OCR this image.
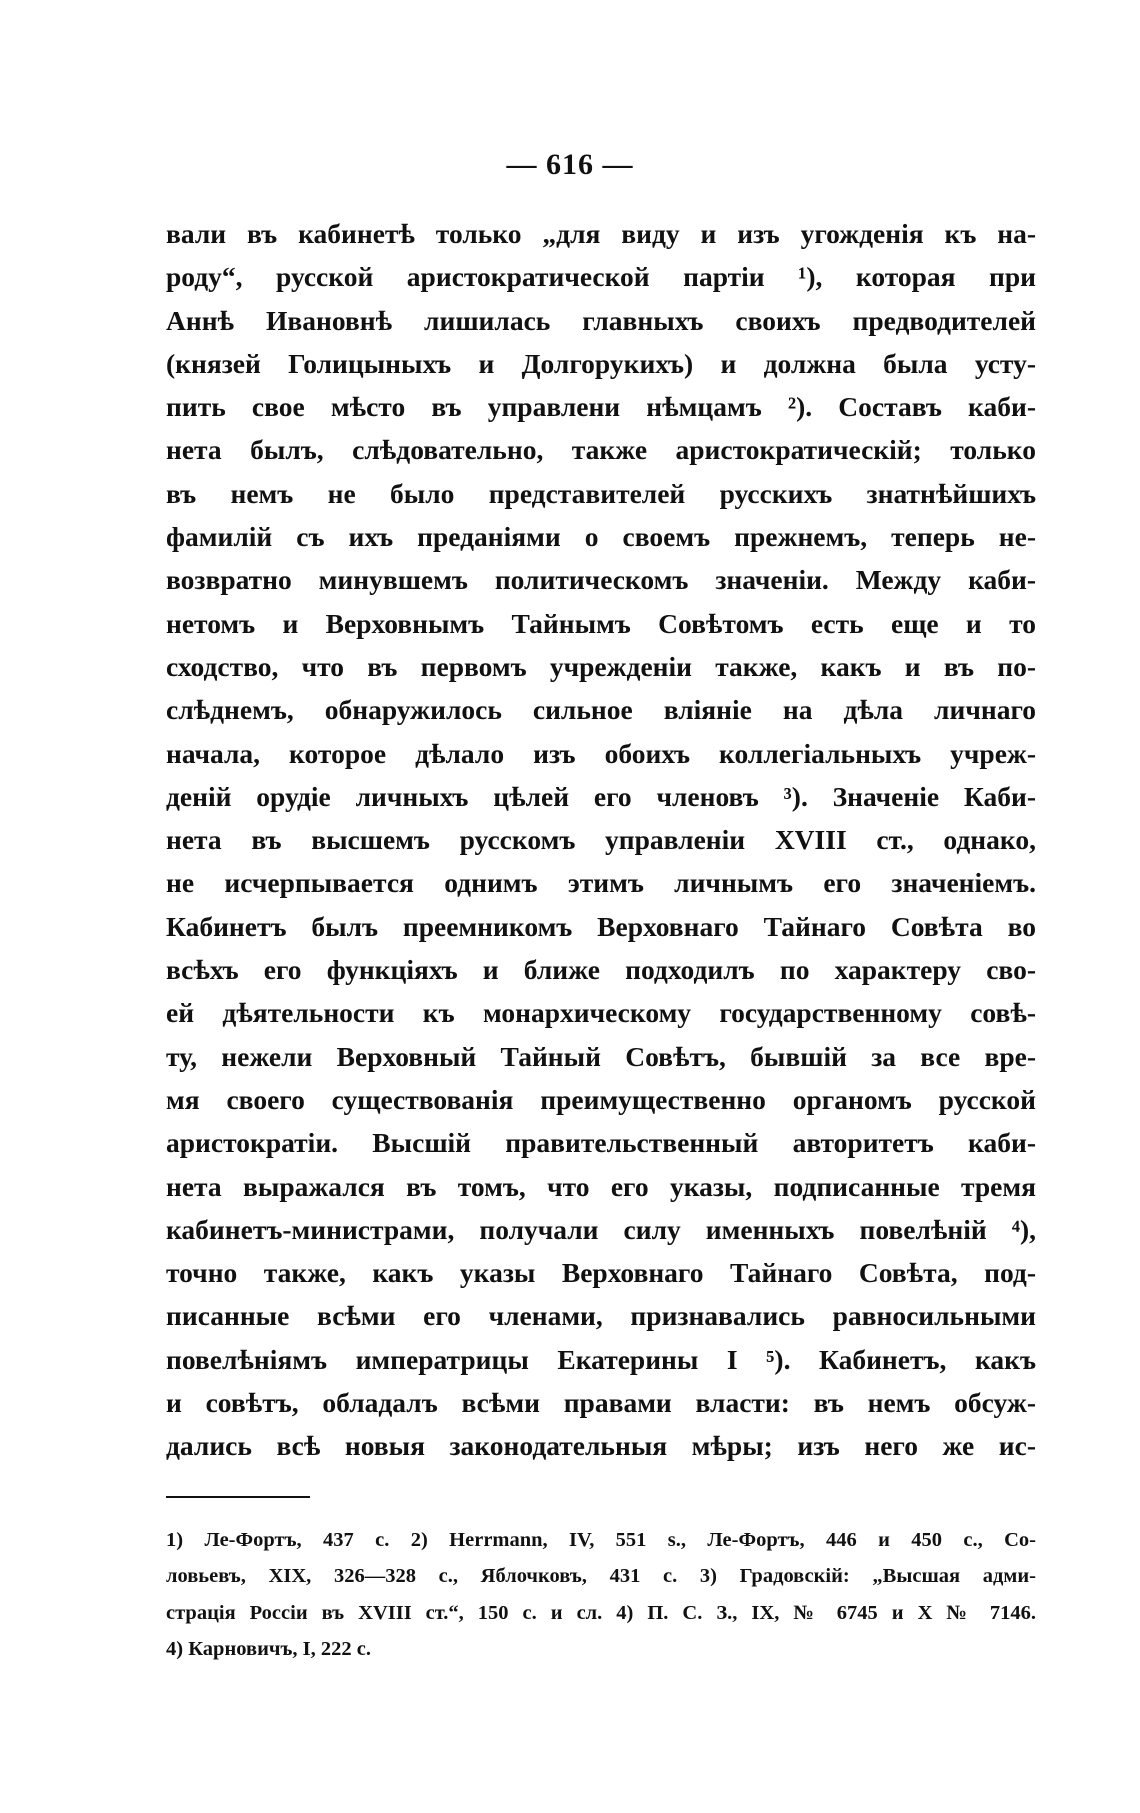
— 616 —
вали въ кабинетѣ только „для виду и изъ угожденія къ на-
роду“, русской аристократической партіи ¹), которая при
Аннѣ Ивановнѣ лишилась главныхъ своихъ предводителей
(князей Голицыныхъ и Долгорукихъ) и должна была усту-
пить свое мѣсто въ управлени нѣмцамъ ²). Составъ каби-
нета былъ, слѣдовательно, также аристократическій; только
въ немъ не было представителей русскихъ знатнѣйшихъ
фамилій съ ихъ преданіями о своемъ прежнемъ, теперь не-
возвратно минувшемъ политическомъ значеніи. Между каби-
нетомъ и Верховнымъ Тайнымъ Совѣтомъ есть еще и то
сходство, что въ первомъ учрежденіи также, какъ и въ по-
слѣднемъ, обнаружилось сильное вліяніе на дѣла личнаго
начала, которое дѣлало изъ обоихъ коллегіальныхъ учреж-
деній орудіе личныхъ цѣлей его членовъ ³). Значеніе Каби-
нета въ высшемъ русскомъ управленіи XVIII ст., однако,
не исчерпывается однимъ этимъ личнымъ его значеніемъ.
Кабинетъ былъ преемникомъ Верховнаго Тайнаго Совѣта во
всѣхъ его функціяхъ и ближе подходилъ по характеру сво-
ей дѣятельности къ монархическому государственному совѣ-
ту, нежели Верховный Тайный Совѣтъ, бывшій за все вре-
мя своего существованія преимущественно органомъ русской
аристократіи. Высшій правительственный авторитетъ каби-
нета выражался въ томъ, что его указы, подписанные тремя
кабинетъ-министрами, получали силу именныхъ повелѣній ⁴),
точно также, какъ указы Верховнаго Тайнаго Совѣта, под-
писанные всѣми его членами, признавались равносильными
повелѣніямъ императрицы Екатерины I ⁵). Кабинетъ, какъ
и совѣтъ, обладалъ всѣми правами власти: въ немъ обсуж-
дались всѣ новыя законодательныя мѣры; изъ него же ис-
1) Ле-Фортъ, 437 с. 2) Herrmann, IV, 551 s., Ле-Фортъ, 446 и 450 с., Со-
ловьевъ, XIX, 326—328 с., Яблочковъ, 431 с. 3) Градовскій: „Высшая адми-
страція Россіи въ XVIII ст.“, 150 с. и сл. 4) П. С. З., IX, № 6745 и X № 7146.
4) Карновичъ, I, 222 с.
